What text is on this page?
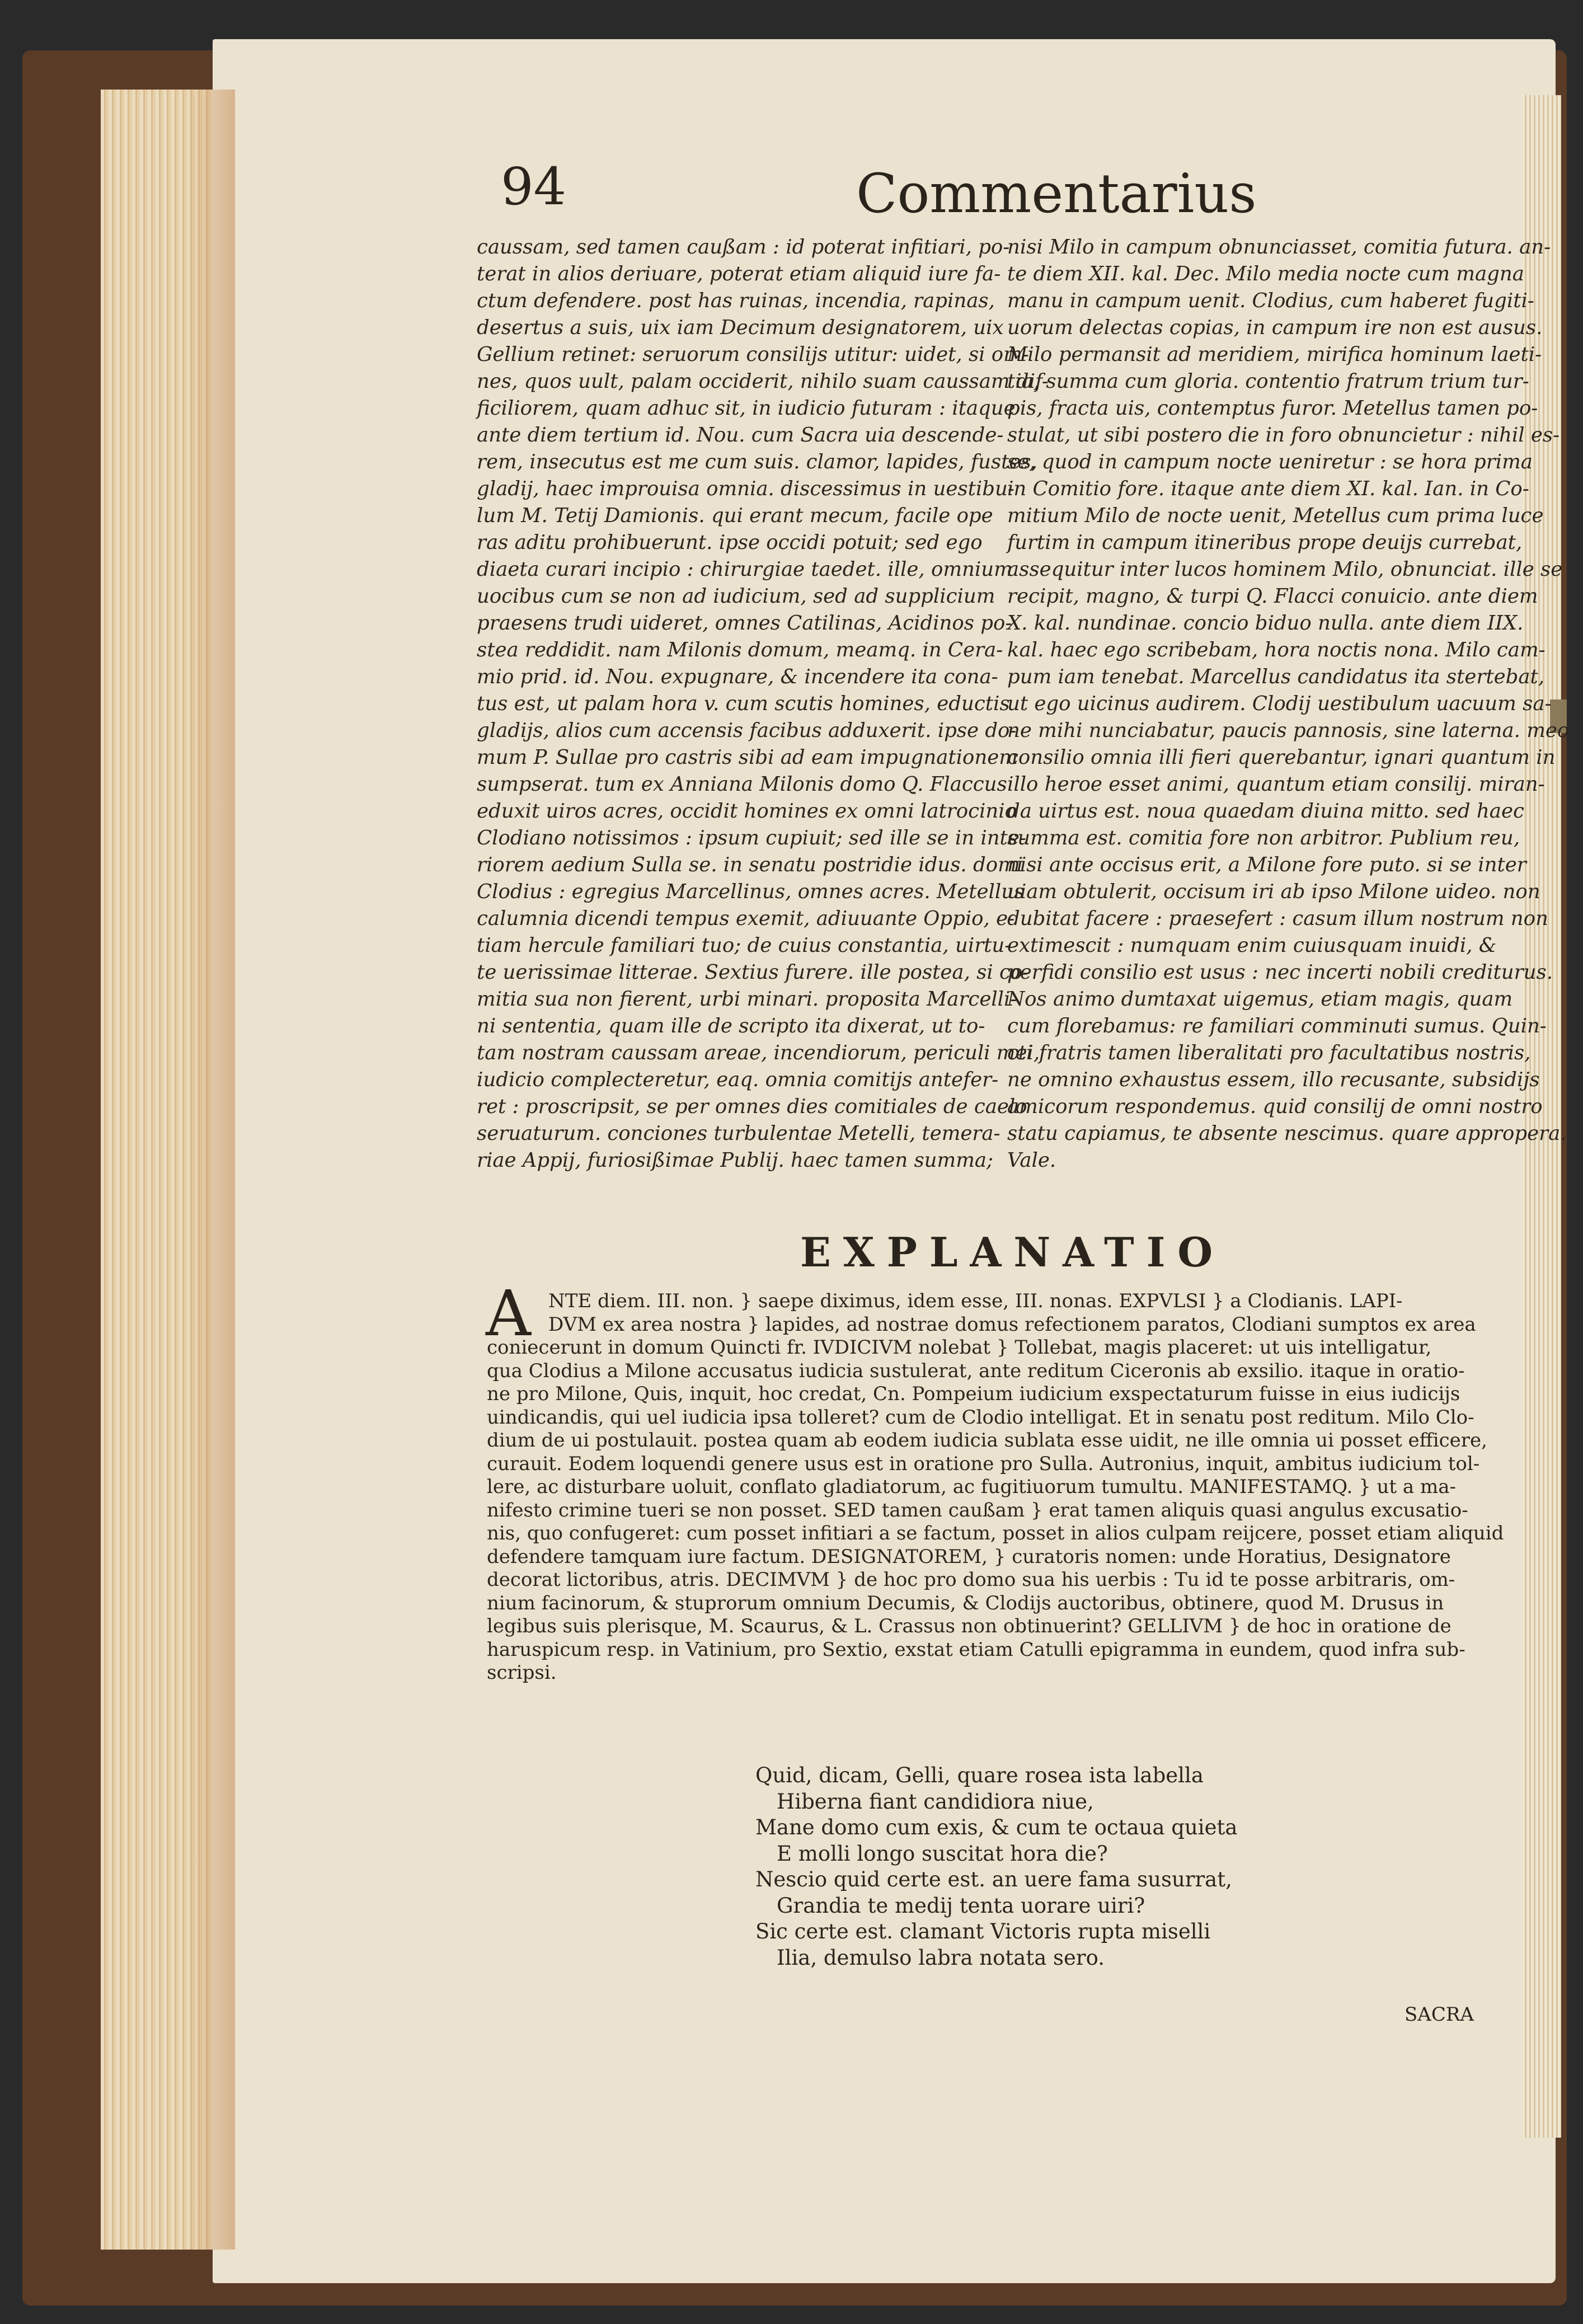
94	Commentarius
caussam, sed tamen caußam : id poterat infitiari, po-
terat in alios deriuare, poterat etiam aliquid iure fa-
ctum defendere. post has ruinas, incendia, rapinas,
desertus a suis, uix iam Decimum designatorem, uix
Gellium retinet: seruorum consilijs utitur: uidet, si om-
nes, quos uult, palam occiderit, nihilo suam caussam dif-
ficiliorem, quam adhuc sit, in iudicio futuram : itaque
ante diem tertium id. Nou. cum Sacra uia descende-
rem, insecutus est me cum suis. clamor, lapides, fustes,
gladij, haec improuisa omnia. discessimus in uestibu-
lum M. Tetij Damionis. qui erant mecum, facile ope
ras aditu prohibuerunt. ipse occidi potuit; sed ego
diaeta curari incipio : chirurgiae taedet. ille, omnium
uocibus cum se non ad iudicium, sed ad supplicium
praesens trudi uideret, omnes Catilinas, Acidinos po-
stea reddidit. nam Milonis domum, meamq. in Cera-
mio prid. id. Nou. expugnare, & incendere ita cona-
tus est, ut palam hora v. cum scutis homines, eductis
gladijs, alios cum accensis facibus adduxerit. ipse do-
mum P. Sullae pro castris sibi ad eam impugnationem
sumpserat. tum ex Anniana Milonis domo Q. Flaccus
eduxit uiros acres, occidit homines ex omni latrocinio
Clodiano notissimos : ipsum cupiuit; sed ille se in inte-
riorem aedium Sulla se. in senatu postridie idus. domi
Clodius : egregius Marcellinus, omnes acres. Metellus
calumnia dicendi tempus exemit, adiuuante Oppio, e-
tiam hercule familiari tuo; de cuius constantia, uirtu-
te uerissimae litterae. Sextius furere. ille postea, si co-
mitia sua non fierent, urbi minari. proposita Marcelli-
ni sententia, quam ille de scripto ita dixerat, ut to-
tam nostram caussam areae, incendiorum, periculi mei,
iudicio complecteretur, eaq. omnia comitijs antefer-
ret : proscripsit, se per omnes dies comitiales de caelo
seruaturum. conciones turbulentae Metelli, temera-
riae Appij, furiosißimae Publij. haec tamen summa;
nisi Milo in campum obnunciasset, comitia futura. an-
te diem XII. kal. Dec. Milo media nocte cum magna
manu in campum uenit. Clodius, cum haberet fugiti-
uorum delectas copias, in campum ire non est ausus.
Milo permansit ad meridiem, mirifica hominum laeti-
tia, summa cum gloria. contentio fratrum trium tur-
pis, fracta uis, contemptus furor. Metellus tamen po-
stulat, ut sibi postero die in foro obnuncietur : nihil es-
se, quod in campum nocte ueniretur : se hora prima
in Comitio fore. itaque ante diem XI. kal. Ian. in Co-
mitium Milo de nocte uenit, Metellus cum prima luce
furtim in campum itineribus prope deuijs currebat,
assequitur inter lucos hominem Milo, obnunciat. ille se
recipit, magno, & turpi Q. Flacci conuicio. ante diem
X. kal. nundinae. concio biduo nulla. ante diem IIX.
kal. haec ego scribebam, hora noctis nona. Milo cam-
pum iam tenebat. Marcellus candidatus ita stertebat,
ut ego uicinus audirem. Clodij uestibulum uacuum sa-
ne mihi nunciabatur, paucis pannosis, sine laterna. meo
consilio omnia illi fieri querebantur, ignari quantum in
illo heroe esset animi, quantum etiam consilij. miran-
da uirtus est. noua quaedam diuina mitto. sed haec
summa est. comitia fore non arbitror. Publium reu,
nisi ante occisus erit, a Milone fore puto. si se inter
uiam obtulerit, occisum iri ab ipso Milone uideo. non
dubitat facere : praesefert : casum illum nostrum non
extimescit : numquam enim cuiusquam inuidi, &
perfidi consilio est usus : nec incerti nobili crediturus.
Nos animo dumtaxat uigemus, etiam magis, quam
cum florebamus: re familiari comminuti sumus. Quin-
cti fratris tamen liberalitati pro facultatibus nostris,
ne omnino exhaustus essem, illo recusante, subsidijs
amicorum respondemus. quid consilij de omni nostro
statu capiamus, te absente nescimus. quare approperа.
Vale.
EXPLANATIO
A NTE diem. III. non. } saepe diximus, idem esse, III. nonas. EXPVLSI } a Clodianis. LAPI-
DVM ex area nostra } lapides, ad nostrae domus refectionem paratos, Clodiani sumptos ex area
coniecerunt in domum Quincti fr. IVDICIVM nolebat } Tollebat, magis placeret: ut uis intelligatur,
qua Clodius a Milone accusatus iudicia sustulerat, ante reditum Ciceronis ab exsilio. itaque in oratio-
ne pro Milone, Quis, inquit, hoc credat, Cn. Pompeium iudicium exspectaturum fuisse in eius iudicijs
uindicandis, qui uel iudicia ipsa tolleret? cum de Clodio intelligat. Et in senatu post reditum. Milo Clo-
dium de ui postulauit. postea quam ab eodem iudicia sublata esse uidit, ne ille omnia ui posset efficere,
curauit. Eodem loquendi genere usus est in oratione pro Sulla. Autronius, inquit, ambitus iudicium tol-
lere, ac disturbare uoluit, conflato gladiatorum, ac fugitiuorum tumultu. MANIFESTAMQ. } ut a ma-
nifesto crimine tueri se non posset. SED tamen caußam } erat tamen aliquis quasi angulus excusatio-
nis, quo confugeret: cum posset infitiari a se factum, posset in alios culpam reijcere, posset etiam aliquid
defendere tamquam iure factum. DESIGNATOREM, } curatoris nomen: unde Horatius, Designatore
decorat lictoribus, atris. DECIMVM } de hoc pro domo sua his uerbis : Tu id te posse arbitraris, om-
nium facinorum, & stuprorum omnium Decumis, & Clodijs auctoribus, obtinere, quod M. Drusus in
legibus suis plerisque, M. Scaurus, & L. Crassus non obtinuerint? GELLIVM } de hoc in oratione de
haruspicum resp. in Vatinium, pro Sextio, exstat etiam Catulli epigramma in eundem, quod infra sub-
scripsi.
Quid, dicam, Gelli, quare rosea ista labella
Hiberna fiant candidiora niue,
Mane domo cum exis, & cum te octaua quieta
E molli longo suscitat hora die?
Nescio quid certe est. an uere fama susurrat,
Grandia te medij tenta uorare uiri?
Sic certe est. clamant Victoris rupta miselli
Ilia, demulso labra notata sero.
SACRA
